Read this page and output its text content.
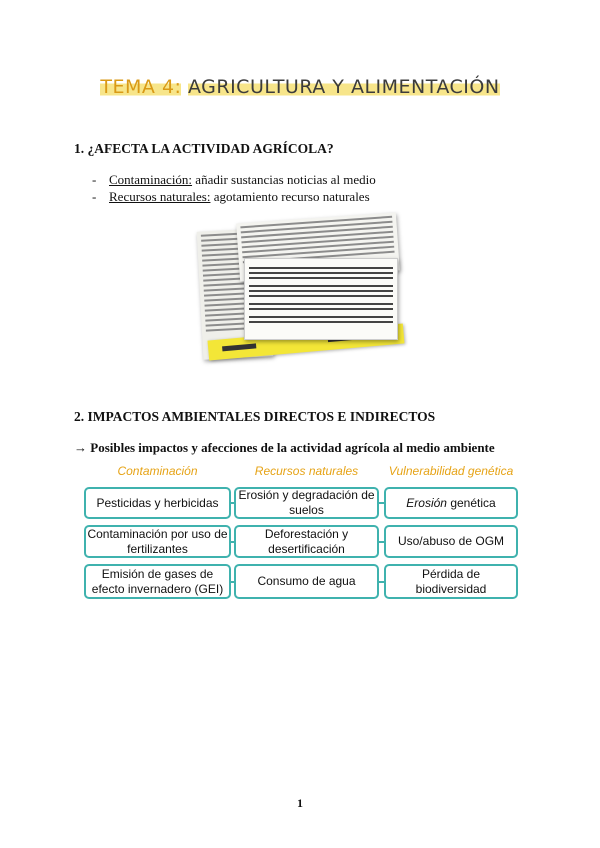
TEMA 4: AGRICULTURA Y ALIMENTACIÓN
1. ¿AFECTA LA ACTIVIDAD AGRÍCOLA?
- Contaminación: añadir sustancias noticias al medio
- Recursos naturales: agotamiento recurso naturales
2. IMPACTOS AMBIENTALES DIRECTOS E INDIRECTOS
→ Posibles impactos y afecciones de la actividad agrícola al medio ambiente
Contaminación	Recursos naturales	Vulnerabilidad genética
Pesticidas y herbicidas
Contaminación por uso de fertilizantes
Emisión de gases de efecto invernadero (GEI)
Erosión y degradación de suelos
Deforestación y desertificación
Consumo de agua
Erosión genética
Uso/abuso de OGM
Pérdida de biodiversidad
1
